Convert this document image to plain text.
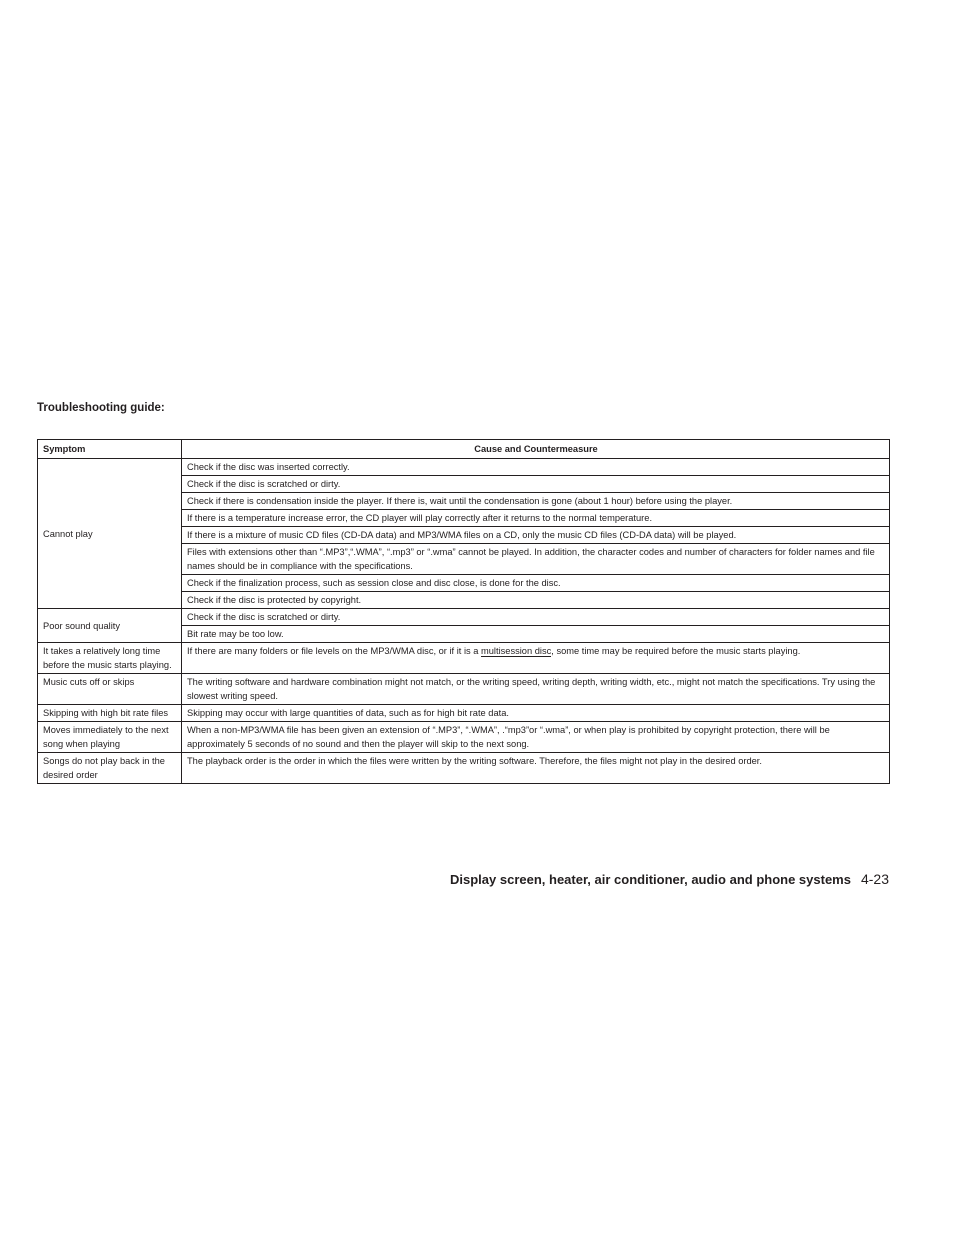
Troubleshooting guide:
Symptom	Cause and Countermeasure
Cannot play	Check if the disc was inserted correctly.
	Check if the disc is scratched or dirty.
	Check if there is condensation inside the player. If there is, wait until the condensation is gone (about 1 hour) before using the player.
	If there is a temperature increase error, the CD player will play correctly after it returns to the normal temperature.
	If there is a mixture of music CD files (CD-DA data) and MP3/WMA files on a CD, only the music CD files (CD-DA data) will be played.
	Files with extensions other than “.MP3”,“.WMA”, “.mp3” or “.wma” cannot be played. In addition, the character codes and number of characters for folder names and file names should be in compliance with the specifications.
	Check if the finalization process, such as session close and disc close, is done for the disc.
	Check if the disc is protected by copyright.
Poor sound quality	Check if the disc is scratched or dirty.
	Bit rate may be too low.
It takes a relatively long time before the music starts playing.	If there are many folders or file levels on the MP3/WMA disc, or if it is a multisession disc, some time may be required before the music starts playing.
Music cuts off or skips	The writing software and hardware combination might not match, or the writing speed, writing depth, writing width, etc., might not match the specifications. Try using the slowest writing speed.
Skipping with high bit rate files	Skipping may occur with large quantities of data, such as for high bit rate data.
Moves immediately to the next song when playing	When a non-MP3/WMA file has been given an extension of “.MP3”, “.WMA”, .“mp3”or “.wma”, or when play is prohibited by copyright protection, there will be approximately 5 seconds of no sound and then the player will skip to the next song.
Songs do not play back in the desired order	The playback order is the order in which the files were written by the writing software. Therefore, the files might not play in the desired order.
Display screen, heater, air conditioner, audio and phone systems 4-23
